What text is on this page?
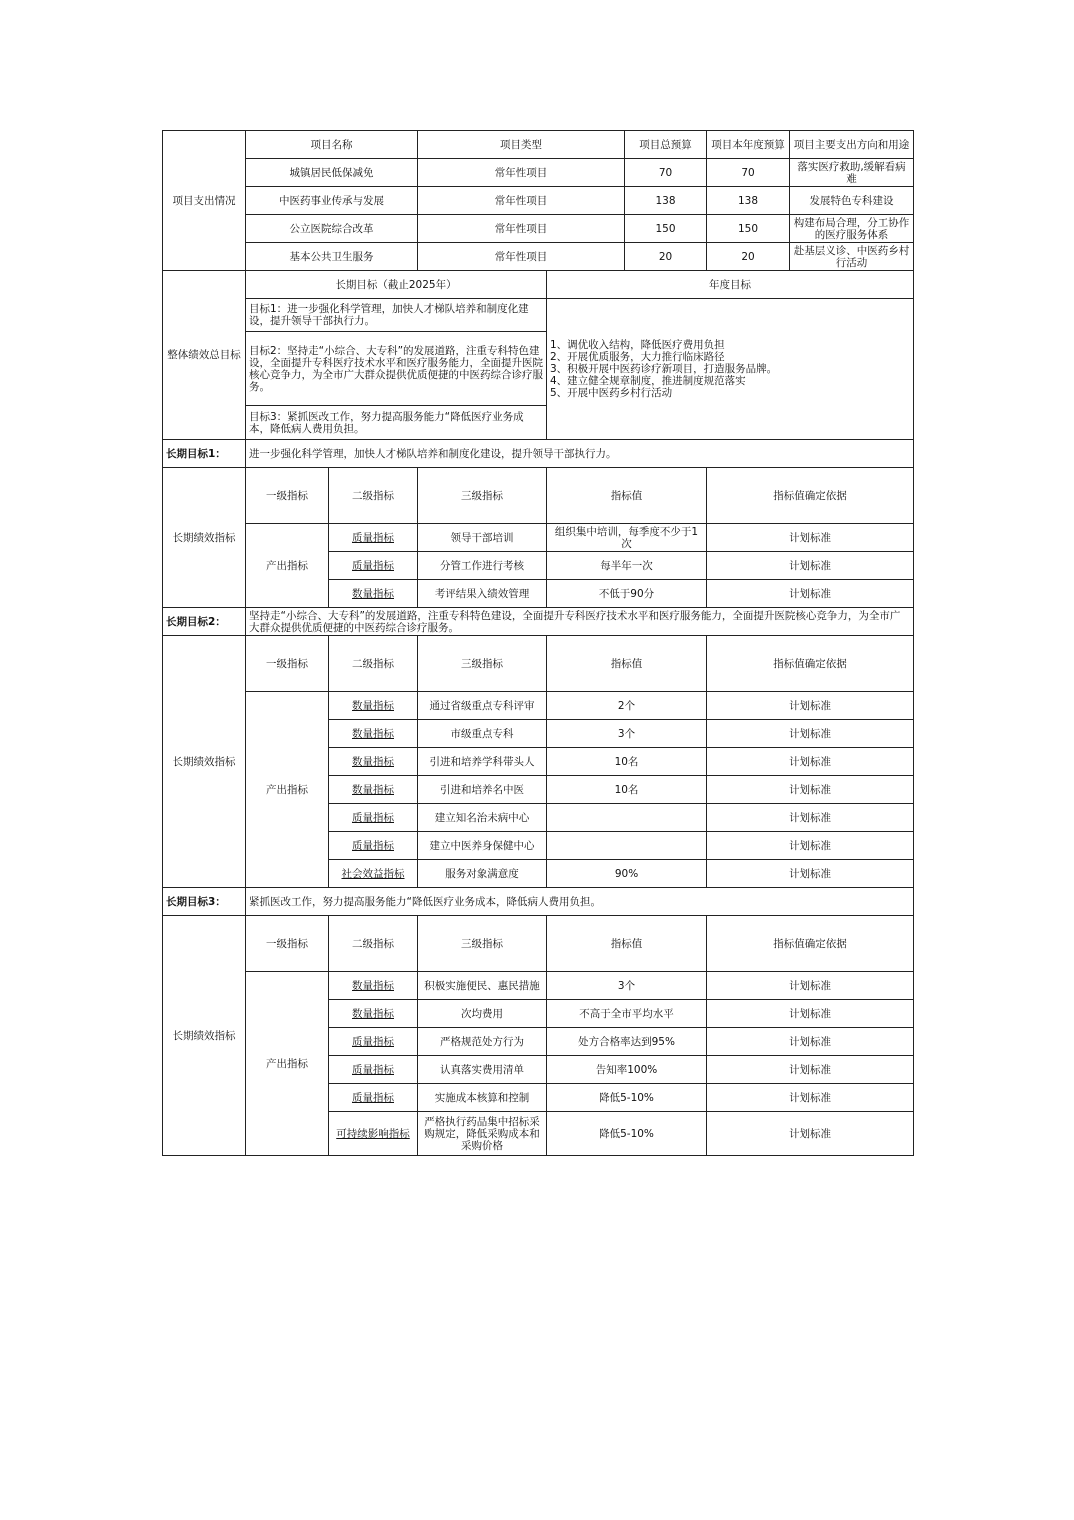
项目支出情况	项目名称		项目类型		项目总预算	项目本年度预算	项目主要支出方向和用途
	城镇居民低保减免		常年性项目		70	70	落实医疗救助,缓解看病难
	中医药事业传承与发展		常年性项目		138	138	发展特色专科建设
	公立医院综合改革		常年性项目		150	150	构建布局合理，分工协作的医疗服务体系
	基本公共卫生服务		常年性项目		20	20	赴基层义诊、中医药乡村行活动
整体绩效总目标	长期目标（截止2025年）			年度目标			
	目标1：进一步强化科学管理，加快人才梯队培养和制度化建设，提升领导干部执行力。			1、调优收入结构，降低医疗费用负担
2、开展优质服务，大力推行临床路径
3、积极开展中医药诊疗新项目，打造服务品牌。
4、建立健全规章制度，推进制度规范落实
5、开展中医药乡村行活动			
	目标2：坚持走“小综合、大专科”的发展道路，注重专科特色建设，全面提升专科医疗技术水平和医疗服务能力，全面提升医院核心竞争力，为全市广大群众提供优质便捷的中医药综合诊疗服务。						
	目标3：紧抓医改工作，努力提高服务能力“降低医疗业务成本，降低病人费用负担。						
长期目标1：	进一步强化科学管理，加快人才梯队培养和制度化建设，提升领导干部执行力。						
长期绩效指标	一级指标	二级指标	三级指标	指标值		指标值确定依据	
	产出指标	质量指标	领导干部培训	组织集中培训，每季度不少于1次		计划标准	
		质量指标	分管工作进行考核	每半年一次		计划标准	
		数量指标	考评结果入绩效管理	不低于90分		计划标准	
长期目标2：	坚持走“小综合、大专科”的发展道路，注重专科特色建设，全面提升专科医疗技术水平和医疗服务能力，全面提升医院核心竞争力，为全市广大群众提供优质便捷的中医药综合诊疗服务。						
长期绩效指标	一级指标	二级指标	三级指标	指标值		指标值确定依据	
	产出指标	数量指标	通过省级重点专科评审	2个		计划标准	
		数量指标	市级重点专科	3个		计划标准	
		数量指标	引进和培养学科带头人	10名		计划标准	
		数量指标	引进和培养名中医	10名		计划标准	
		质量指标	建立知名治未病中心			计划标准	
		质量指标	建立中医养身保健中心			计划标准	
		社会效益指标	服务对象满意度	90%		计划标准	
长期目标3：	紧抓医改工作，努力提高服务能力“降低医疗业务成本，降低病人费用负担。						
长期绩效指标	一级指标	二级指标	三级指标	指标值		指标值确定依据	
	产出指标	数量指标	积极实施便民、惠民措施	3个		计划标准	
		数量指标	次均费用	不高于全市平均水平		计划标准	
		质量指标	严格规范处方行为	处方合格率达到95%		计划标准	
		质量指标	认真落实费用清单	告知率100%		计划标准	
		质量指标	实施成本核算和控制	降低5-10%		计划标准	
		可持续影响指标	严格执行药品集中招标采购规定，降低采购成本和采购价格	降低5-10%		计划标准	
